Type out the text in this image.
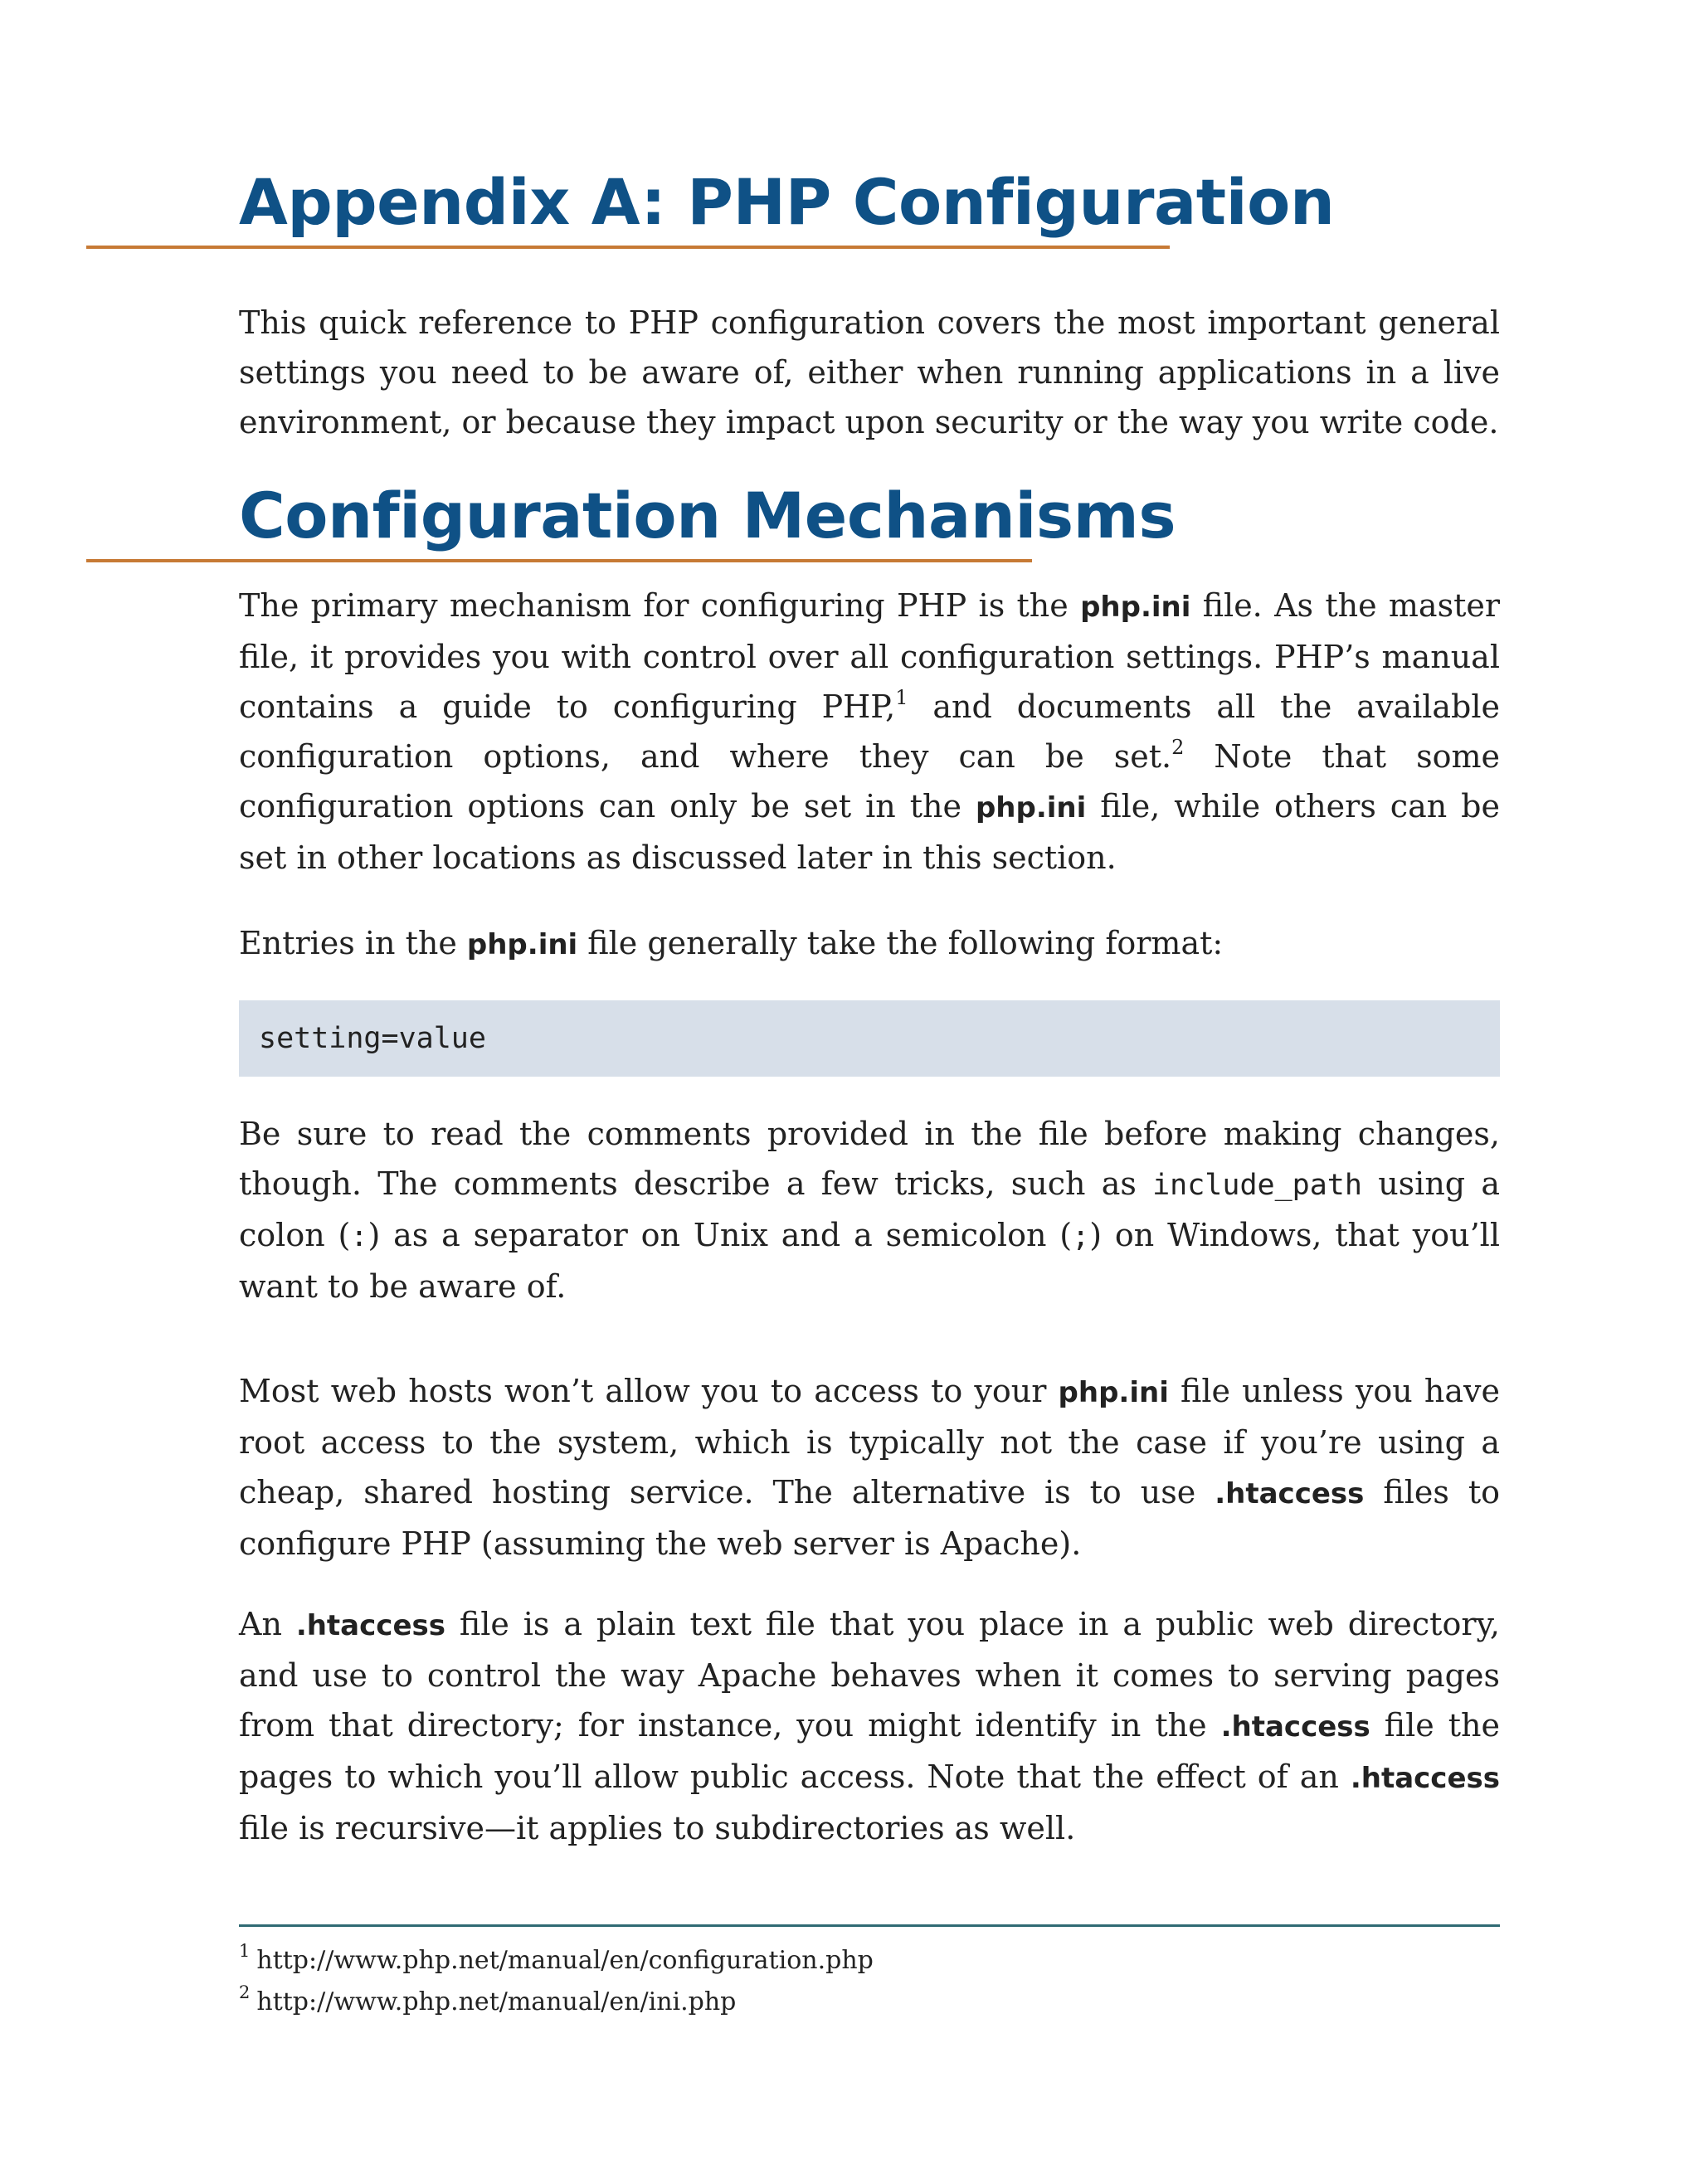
Appendix A: PHP Configuration

This quick reference to PHP configuration covers the most important general settings you need to be aware of, either when running applications in a live environment, or because they impact upon security or the way you write code.

Configuration Mechanisms

The primary mechanism for configuring PHP is the php.ini file. As the master file, it provides you with control over all configuration settings. PHP’s manual contains a guide to configuring PHP,$^1$ and documents all the available configuration options, and where they can be set.$^2$ Note that some configuration options can only be set in the php.ini file, while others can be set in other locations as discussed later in this section.

Entries in the php.ini file generally take the following format:

setting=value

Be sure to read the comments provided in the file before making changes, though. The comments describe a few tricks, such as include_path using a colon (:) as a separator on Unix and a semicolon (;) on Windows, that you’ll want to be aware of.

Most web hosts won’t allow you to access to your php.ini file unless you have root access to the system, which is typically not the case if you’re using a cheap, shared hosting service. The alternative is to use .htaccess files to configure PHP (assuming the web server is Apache).

An .htaccess file is a plain text file that you place in a public web directory, and use to control the way Apache behaves when it comes to serving pages from that directory; for instance, you might identify in the .htaccess file the pages to which you’ll allow public access. Note that the effect of an .htaccess file is recursive—it applies to subdirectories as well.

$^1$ http://www.php.net/manual/en/configuration.php

$^2$ http://www.php.net/manual/en/ini.php
